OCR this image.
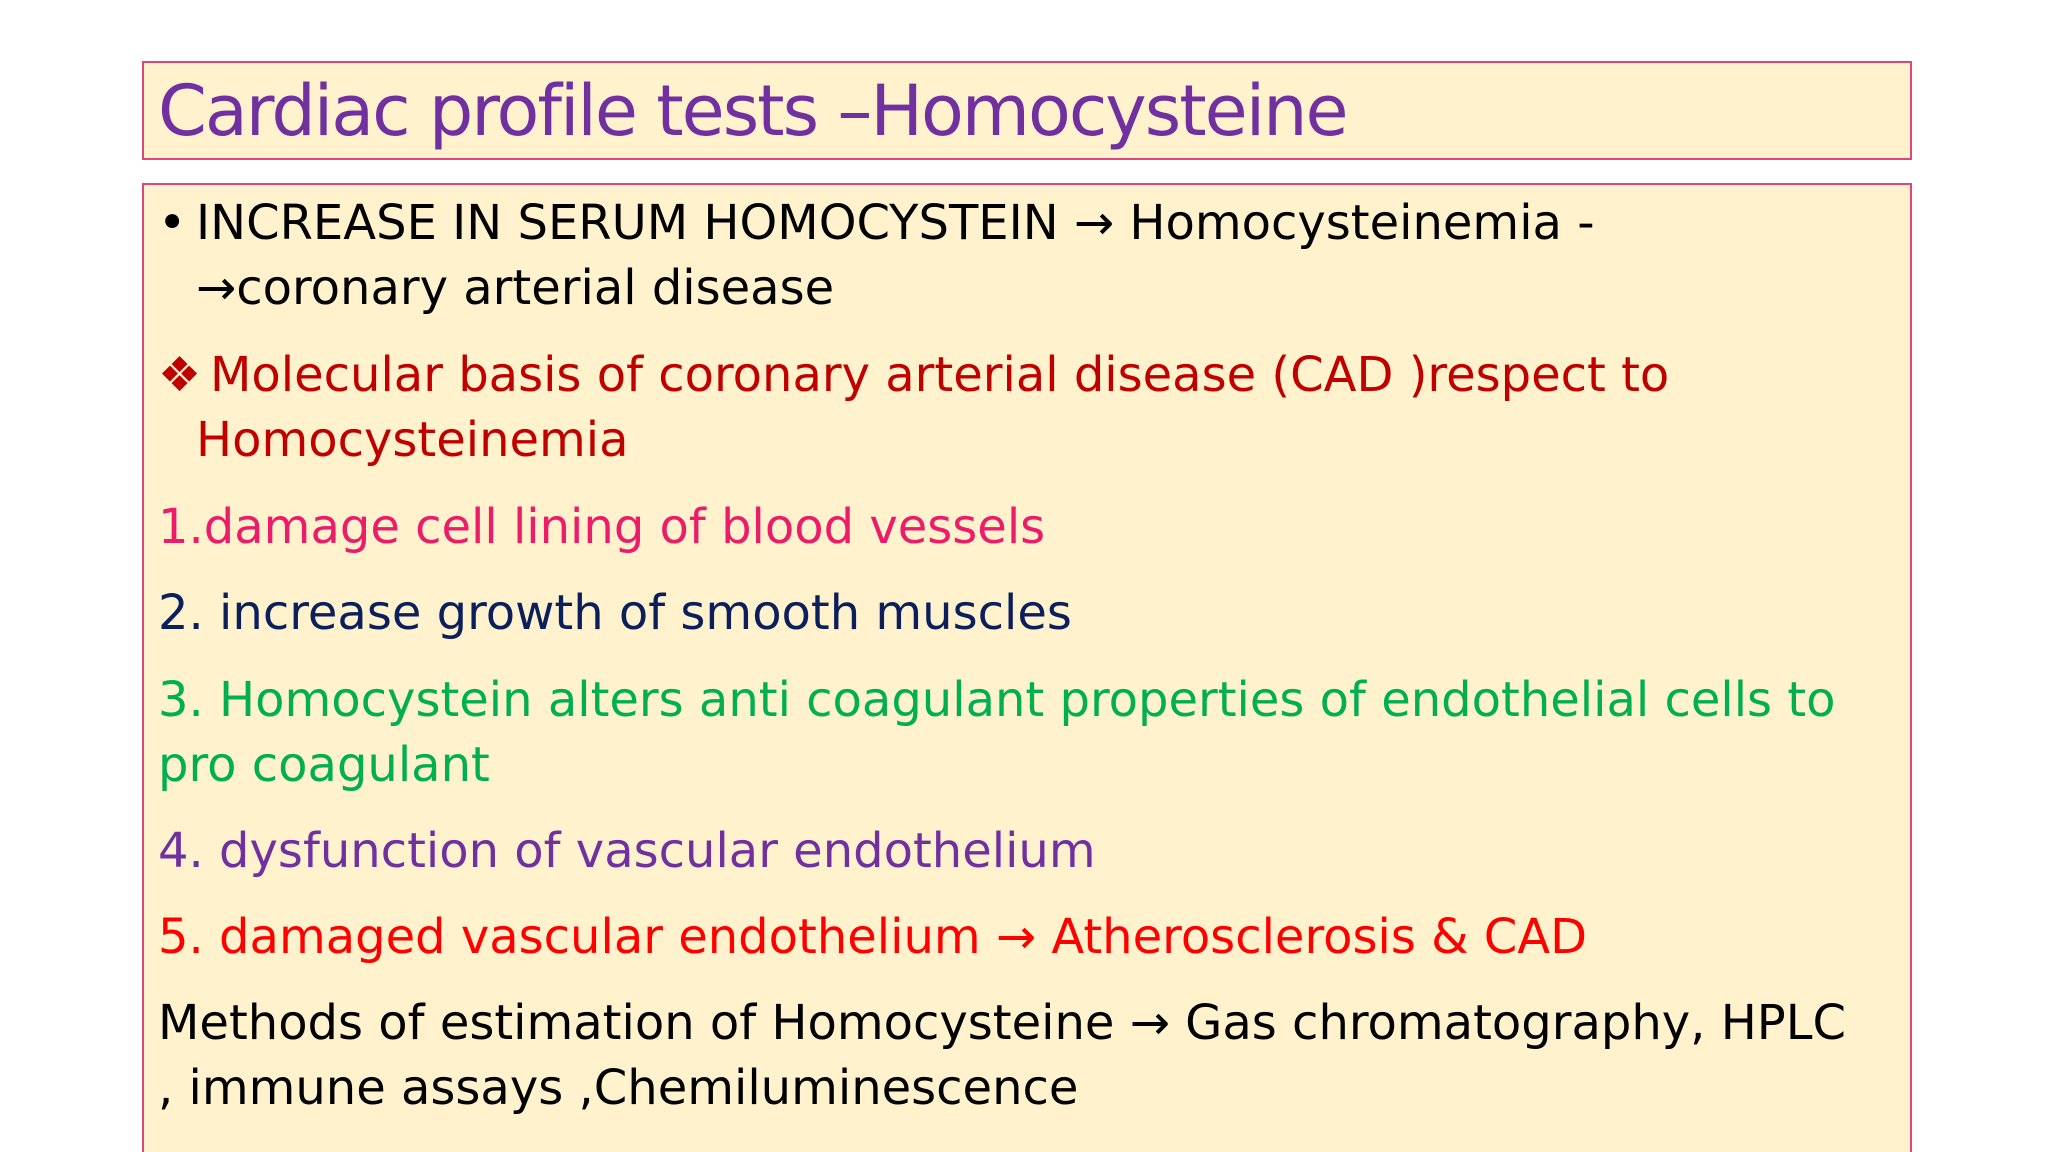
Cardiac profile tests –Homocysteine
• INCREASE IN SERUM HOMOCYSTEIN → Homocysteinemia -
→coronary arterial disease
❖ Molecular basis of coronary arterial disease (CAD )respect to
Homocysteinemia
1.damage cell lining of blood vessels
2. increase growth of smooth muscles
3. Homocystein alters anti coagulant properties of endothelial cells to
pro coagulant
4. dysfunction of vascular endothelium
5. damaged vascular endothelium → Atherosclerosis & CAD
Methods of estimation of Homocysteine → Gas chromatography, HPLC
, immune assays ,Chemiluminescence
